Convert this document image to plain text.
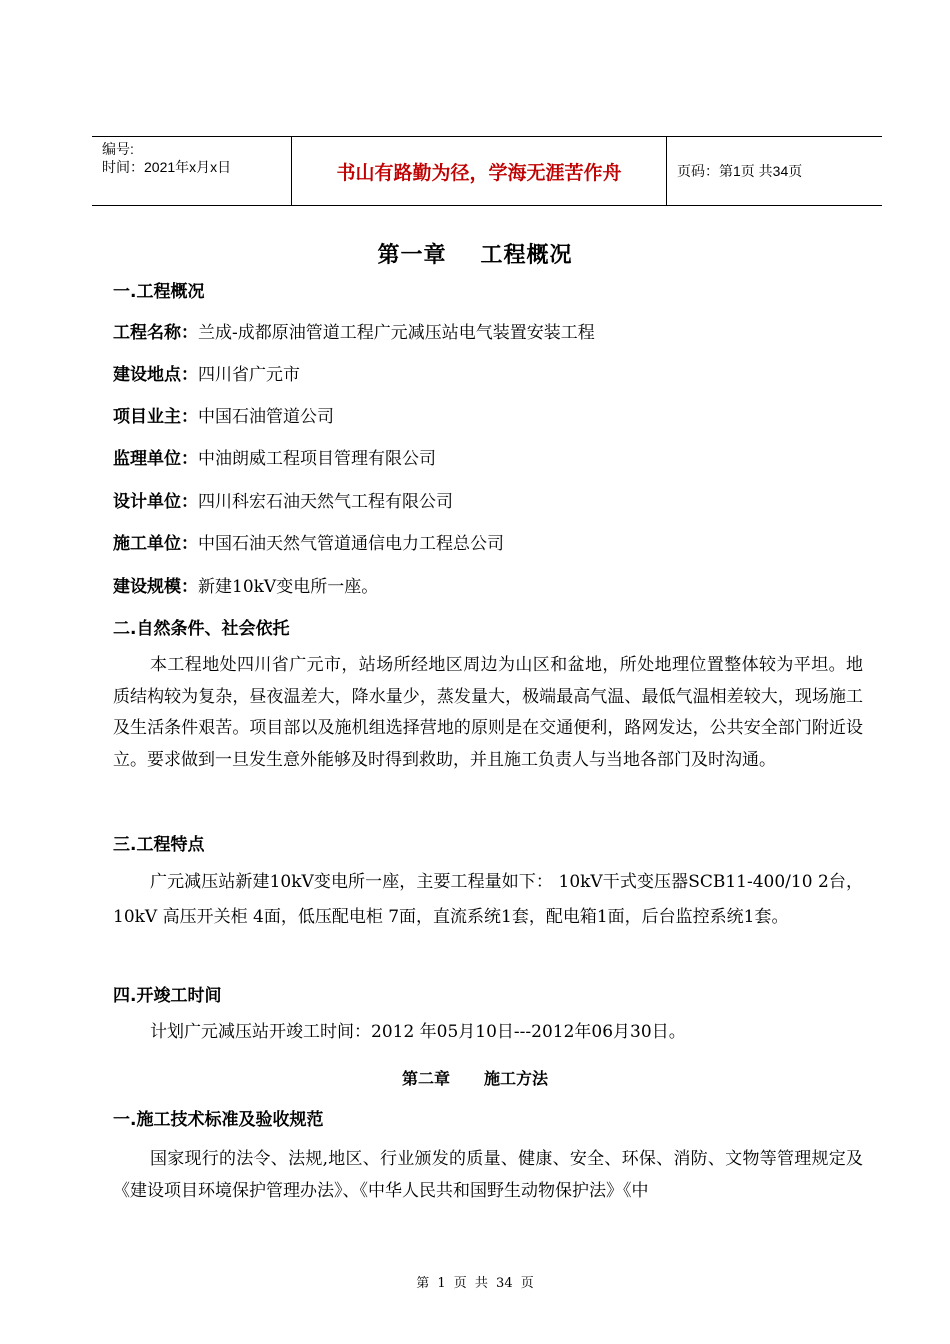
编号:
时间：2021年x月x日	书山有路勤为径，学海无涯苦作舟	页码：第1页 共34页
第一章 工程概况
一.工程概况
工程名称：兰成-成都原油管道工程广元减压站电气装置安装工程
建设地点：四川省广元市
项目业主：中国石油管道公司
监理单位：中油朗威工程项目管理有限公司
设计单位：四川科宏石油天然气工程有限公司
施工单位：中国石油天然气管道通信电力工程总公司
建设规模：新建10kV变电所一座。
二.自然条件、社会依托
本工程地处四川省广元市，站场所经地区周边为山区和盆地，所处地理位置整体较为平坦。地质结构较为复杂，昼夜温差大，降水量少，蒸发量大，极端最高气温、最低气温相差较大，现场施工及生活条件艰苦。项目部以及施机组选择营地的原则是在交通便利，路网发达，公共安全部门附近设立。要求做到一旦发生意外能够及时得到救助，并且施工负责人与当地各部门及时沟通。
三.工程特点
广元减压站新建10kV变电所一座，主要工程量如下： 10kV干式变压器SCB11-400/10 2台， 10kV 高压开关柜 4面，低压配电柜 7面，直流系统1套，配电箱1面，后台监控系统1套。
四.开竣工时间
计划广元减压站开竣工时间：2012 年05月10日---2012年06月30日。
第二章 施工方法
一.施工技术标准及验收规范
国家现行的法令、法规,地区、行业颁发的质量、健康、安全、环保、消防、文物等管理规定及《建设项目环境保护管理办法》、《中华人民共和国野生动物保护法》《中
第 1 页 共 34 页
